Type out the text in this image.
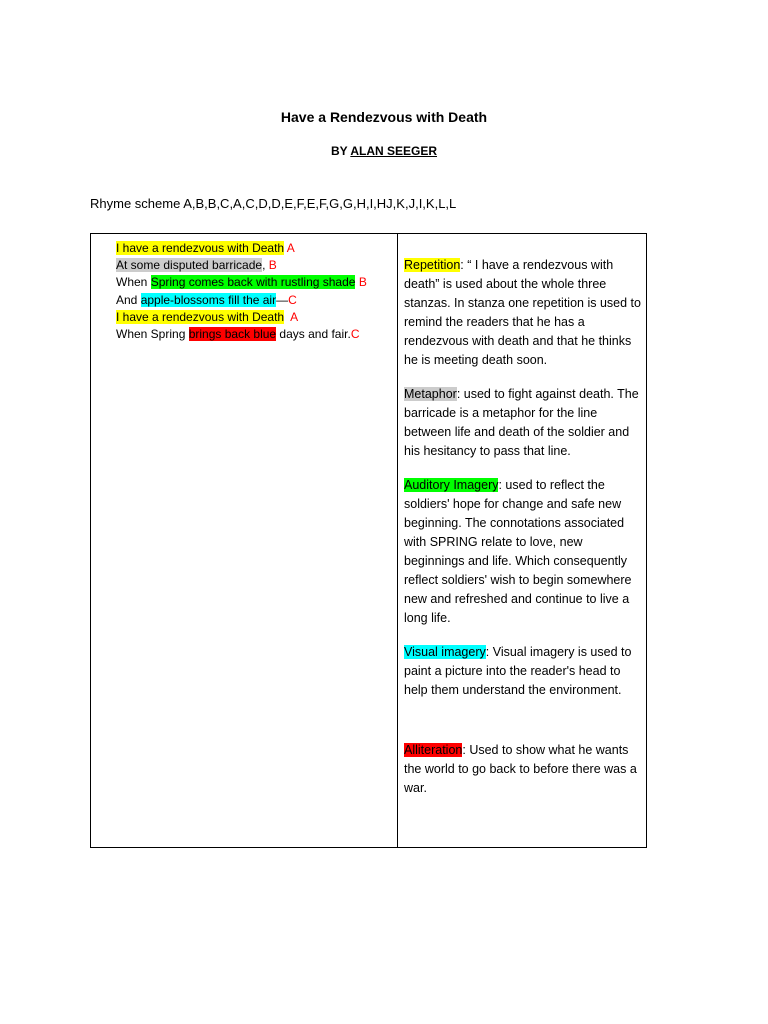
Have a Rendezvous with Death
BY ALAN SEEGER
Rhyme scheme A,B,B,C,A,C,D,D,E,F,E,F,G,G,H,I,HJ,K,J,I,K,L,L
I have a rendezvous with Death A
At some disputed barricade, B
When Spring comes back with rustling shade B
And apple-blossoms fill the air—C
I have a rendezvous with Death A
When Spring brings back blue days and fair.C

Repetition: “ I have a rendezvous with death” is used about the whole three stanzas. In stanza one repetition is used to remind the readers that he has a rendezvous with death and that he thinks he is meeting death soon.

Metaphor: used to fight against death. The barricade is a metaphor for the line between life and death of the soldier and his hesitancy to pass that line.

Auditory Imagery: used to reflect the soldiers' hope for change and safe new beginning. The connotations associated with SPRING relate to love, new beginnings and life. Which consequently reflect soldiers' wish to begin somewhere new and refreshed and continue to live a long life.

Visual imagery: Visual imagery is used to paint a picture into the reader's head to help them understand the environment.

Alliteration: Used to show what he wants the world to go back to before there was a war.
